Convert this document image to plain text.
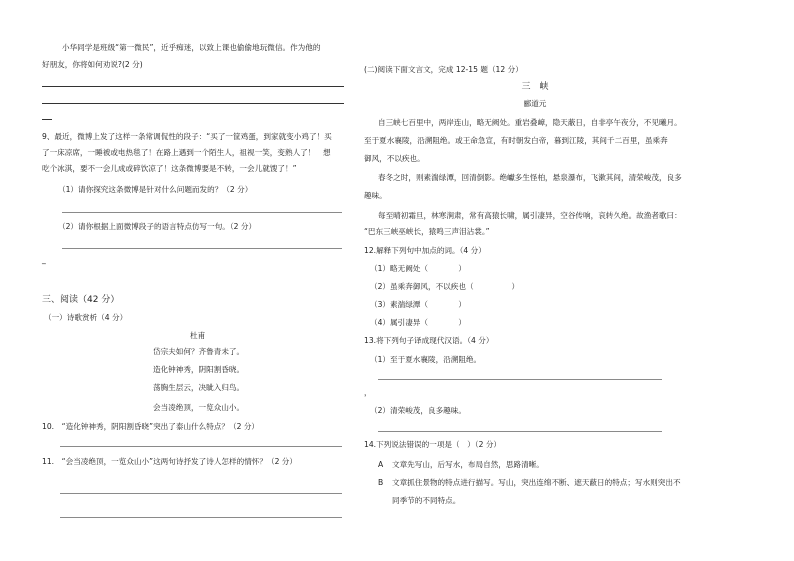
小华同学是班级“第一微民”，近乎痴迷，以致上课也偷偷地玩微信。作为他的
好朋友，你将如何劝说?(2 分)
9、最近，微博上发了这样一条常调侃性的段子：“买了一筐鸡蛋，到家就变小鸡了！买
了一床凉席，一睡被或电热毯了！在路上遇到一个陌生人，祖视一笑，变熟人了！　想
吃个冰淇，要不一会儿成或碎饮凉了！这条微博要是不转，一会儿就馊了！”
（1）请你探究这条微博是针对什么问题而发的？（2 分）
（2）请你根据上面微博段子的语言特点仿写一句。（2 分）
_
三、阅读（42 分）
（一）诗歌赏析（4 分）
杜甫
岱宗夫如何？齐鲁青未了。
造化钟神秀，阴阳割昏晓。
荡胸生层云，决眦入归鸟。
会当凌绝顶，一览众山小。
10.　“造化钟神秀，阴阳割昏晓”突出了泰山什么特点？（2 分）
11.　“会当凌绝顶，一览众山小”这两句诗抒发了诗人怎样的情怀？（2 分）
(二)阅读下面文言文，完成 12-15 题（12 分）
三　峡
郦道元
自三峡七百里中，两岸连山，略无阙处。重岩叠嶂，隐天蔽日，自非亭午夜分，不见曦月。
至于夏水襄陵，沿溯阻绝。或王命急宣，有时朝发白帝，暮到江陵，其间千二百里，虽乘奔
御风，不以疾也。
春冬之时，则素湍绿潭，回清倒影。绝巘多生怪柏，悬泉瀑布，飞漱其间，清荣峻茂，良多
趣味。
每至晴初霜旦，林寒涧肃，常有高猿长啸，属引凄异，空谷传响，哀转久绝。故渔者歌曰：
“巴东三峡巫峡长，猿鸣三声泪沾裳。”
12.解释下列句中加点的词。（4 分）
（1）略无阙处（　　　　）
（2）虽乘奔御风，不以疾也（　　　　　）
（3）素湍绿潭（　　　　）
（4）属引凄异（　　　　）
13.将下列句子译成现代汉语。（4 分）
（1）至于夏水襄陵，沿溯阻绝。
，
（2）清荣峻茂，良多趣味。
14.下列说法错误的一项是（　）（2 分）
A 文章先写山，后写水，布局自然，思路清晰。
B 文章抓住景物的特点进行描写。写山，突出连绵不断、遮天蔽日的特点；写水则突出不
同季节的不同特点。
